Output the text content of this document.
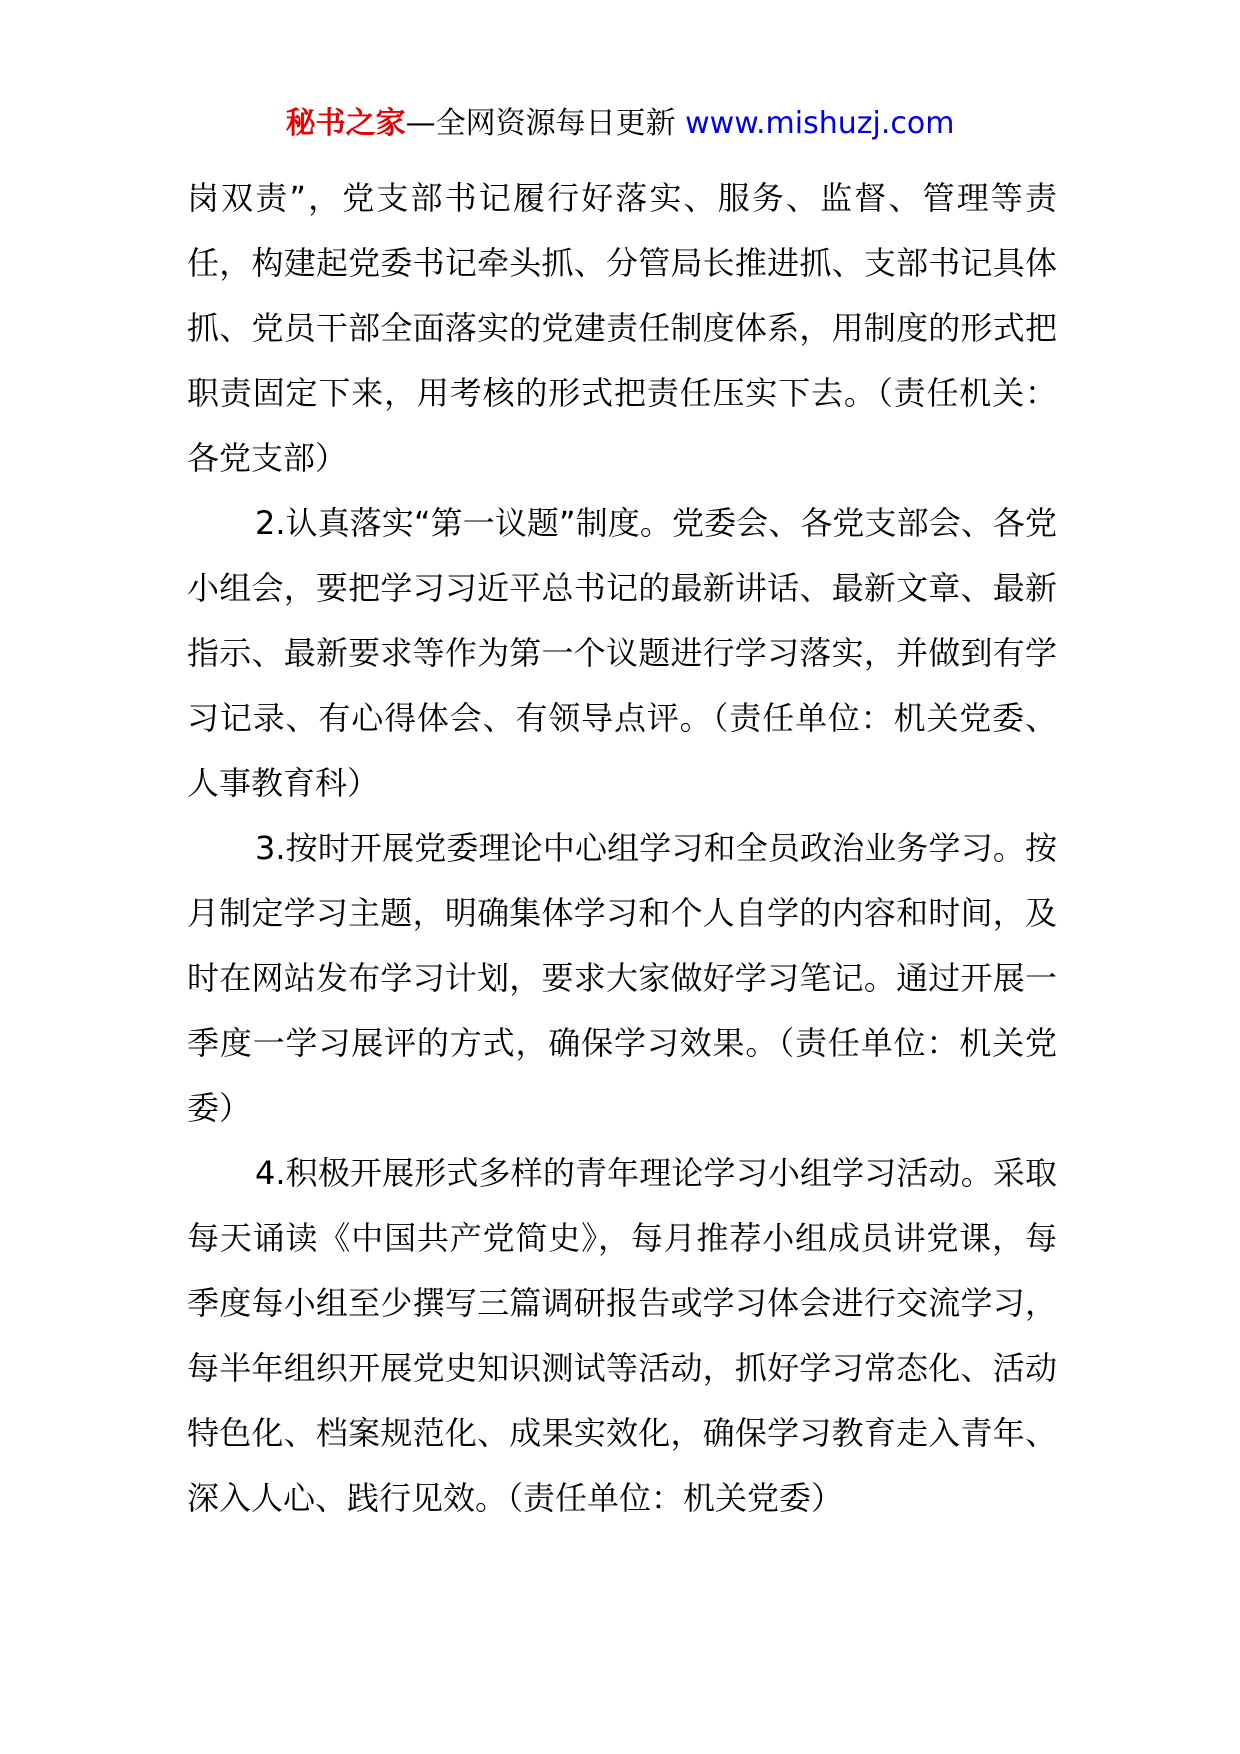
秘书之家—全网资源每日更新 www.mishuzj.com

岗双责”，党支部书记履行好落实、服务、监督、管理等责任，构建起党委书记牵头抓、分管局长推进抓、支部书记具体抓、党员干部全面落实的党建责任制度体系，用制度的形式把职责固定下来，用考核的形式把责任压实下去。（责任机关：各党支部）

2.认真落实“第一议题”制度。党委会、各党支部会、各党小组会，要把学习习近平总书记的最新讲话、最新文章、最新指示、最新要求等作为第一个议题进行学习落实，并做到有学习记录、有心得体会、有领导点评。（责任单位：机关党委、人事教育科）

3.按时开展党委理论中心组学习和全员政治业务学习。按月制定学习主题，明确集体学习和个人自学的内容和时间，及时在网站发布学习计划，要求大家做好学习笔记。通过开展一季度一学习展评的方式，确保学习效果。（责任单位：机关党委）

4.积极开展形式多样的青年理论学习小组学习活动。采取每天诵读《中国共产党简史》，每月推荐小组成员讲党课，每季度每小组至少撰写三篇调研报告或学习体会进行交流学习，每半年组织开展党史知识测试等活动，抓好学习常态化、活动特色化、档案规范化、成果实效化，确保学习教育走入青年、深入人心、践行见效。（责任单位：机关党委）
